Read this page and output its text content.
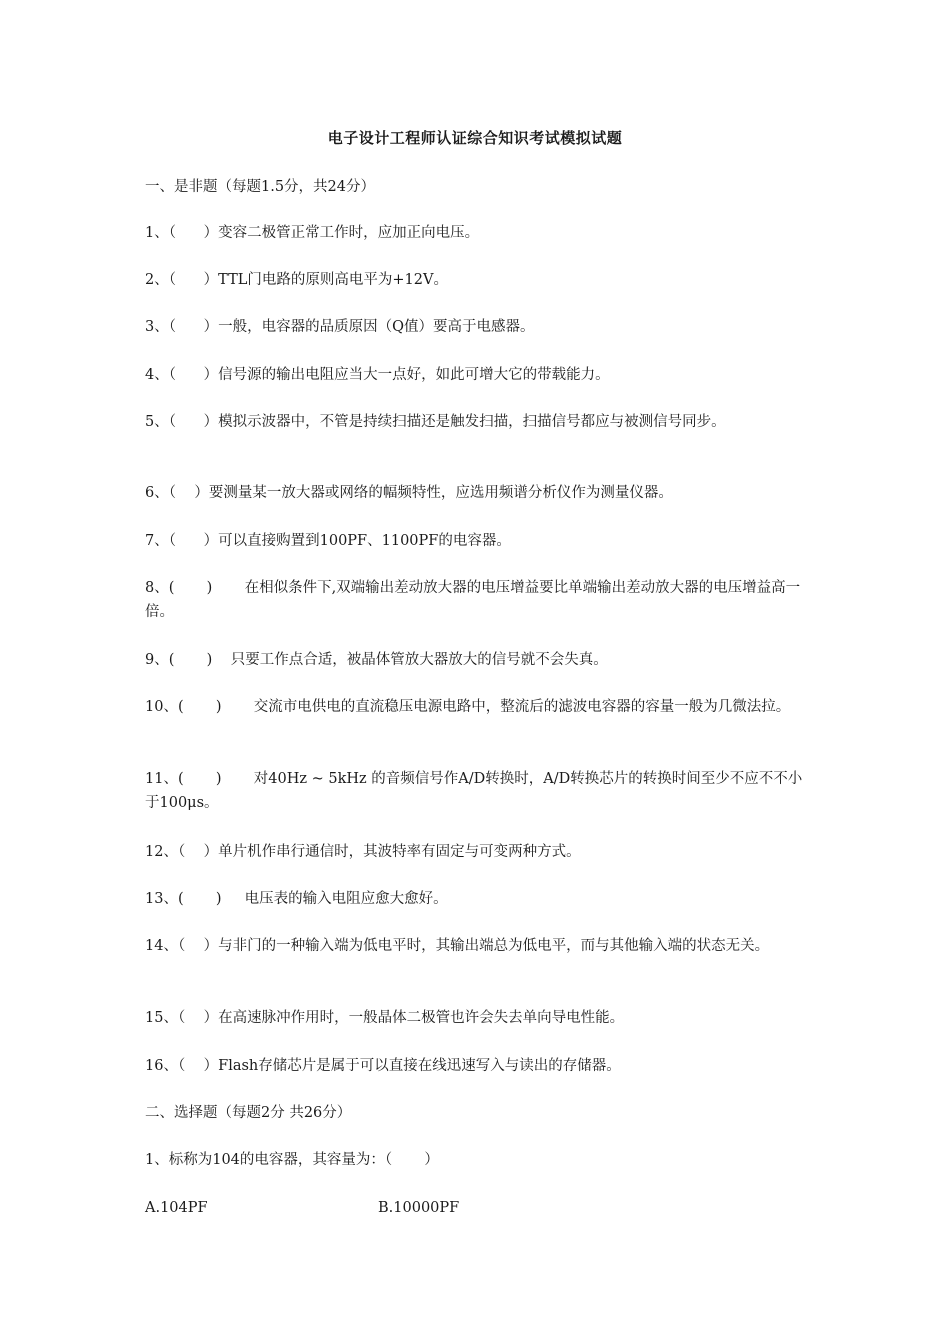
电子设计工程师认证综合知识考试模拟试题
一、是非题（每题1.5分，共24分）
1、（      ）变容二极管正常工作时，应加正向电压。
2、（      ）TTL门电路的原则高电平为+12V。
3、（      ）一般，电容器的品质原因（Q值）要高于电感器。
4、（      ）信号源的输出电阻应当大一点好，如此可增大它的带载能力。
5、（      ）模拟示波器中，不管是持续扫描还是触发扫描，扫描信号都应与被测信号同步。
6、（    ）要测量某一放大器或网络的幅频特性，应选用频谱分析仪作为测量仪器。
7、（      ）可以直接购置到100PF、1100PF的电容器。
8、(       )       在相似条件下,双端输出差动放大器的电压增益要比单端输出差动放大器的电压增益高一倍。
9、(       )    只要工作点合适，被晶体管放大器放大的信号就不会失真。
10、(       )       交流市电供电的直流稳压电源电路中，整流后的滤波电容器的容量一般为几微法拉。
11、(       )       对40Hz ~ 5kHz 的音频信号作A/D转换时，A/D转换芯片的转换时间至少不应不不小于100μs。
12、（    ）单片机作串行通信时，其波特率有固定与可变两种方式。
13、(       )     电压表的输入电阻应愈大愈好。
14、（    ）与非门的一种输入端为低电平时，其输出端总为低电平，而与其他输入端的状态无关。
15、（    ）在高速脉冲作用时，一般晶体二极管也许会失去单向导电性能。
16、（    ）Flash存储芯片是属于可以直接在线迅速写入与读出的存储器。
二、选择题（每题2分 共26分）
1、标称为104的电容器，其容量为：（       ）
A.104PF	B.10000PF
